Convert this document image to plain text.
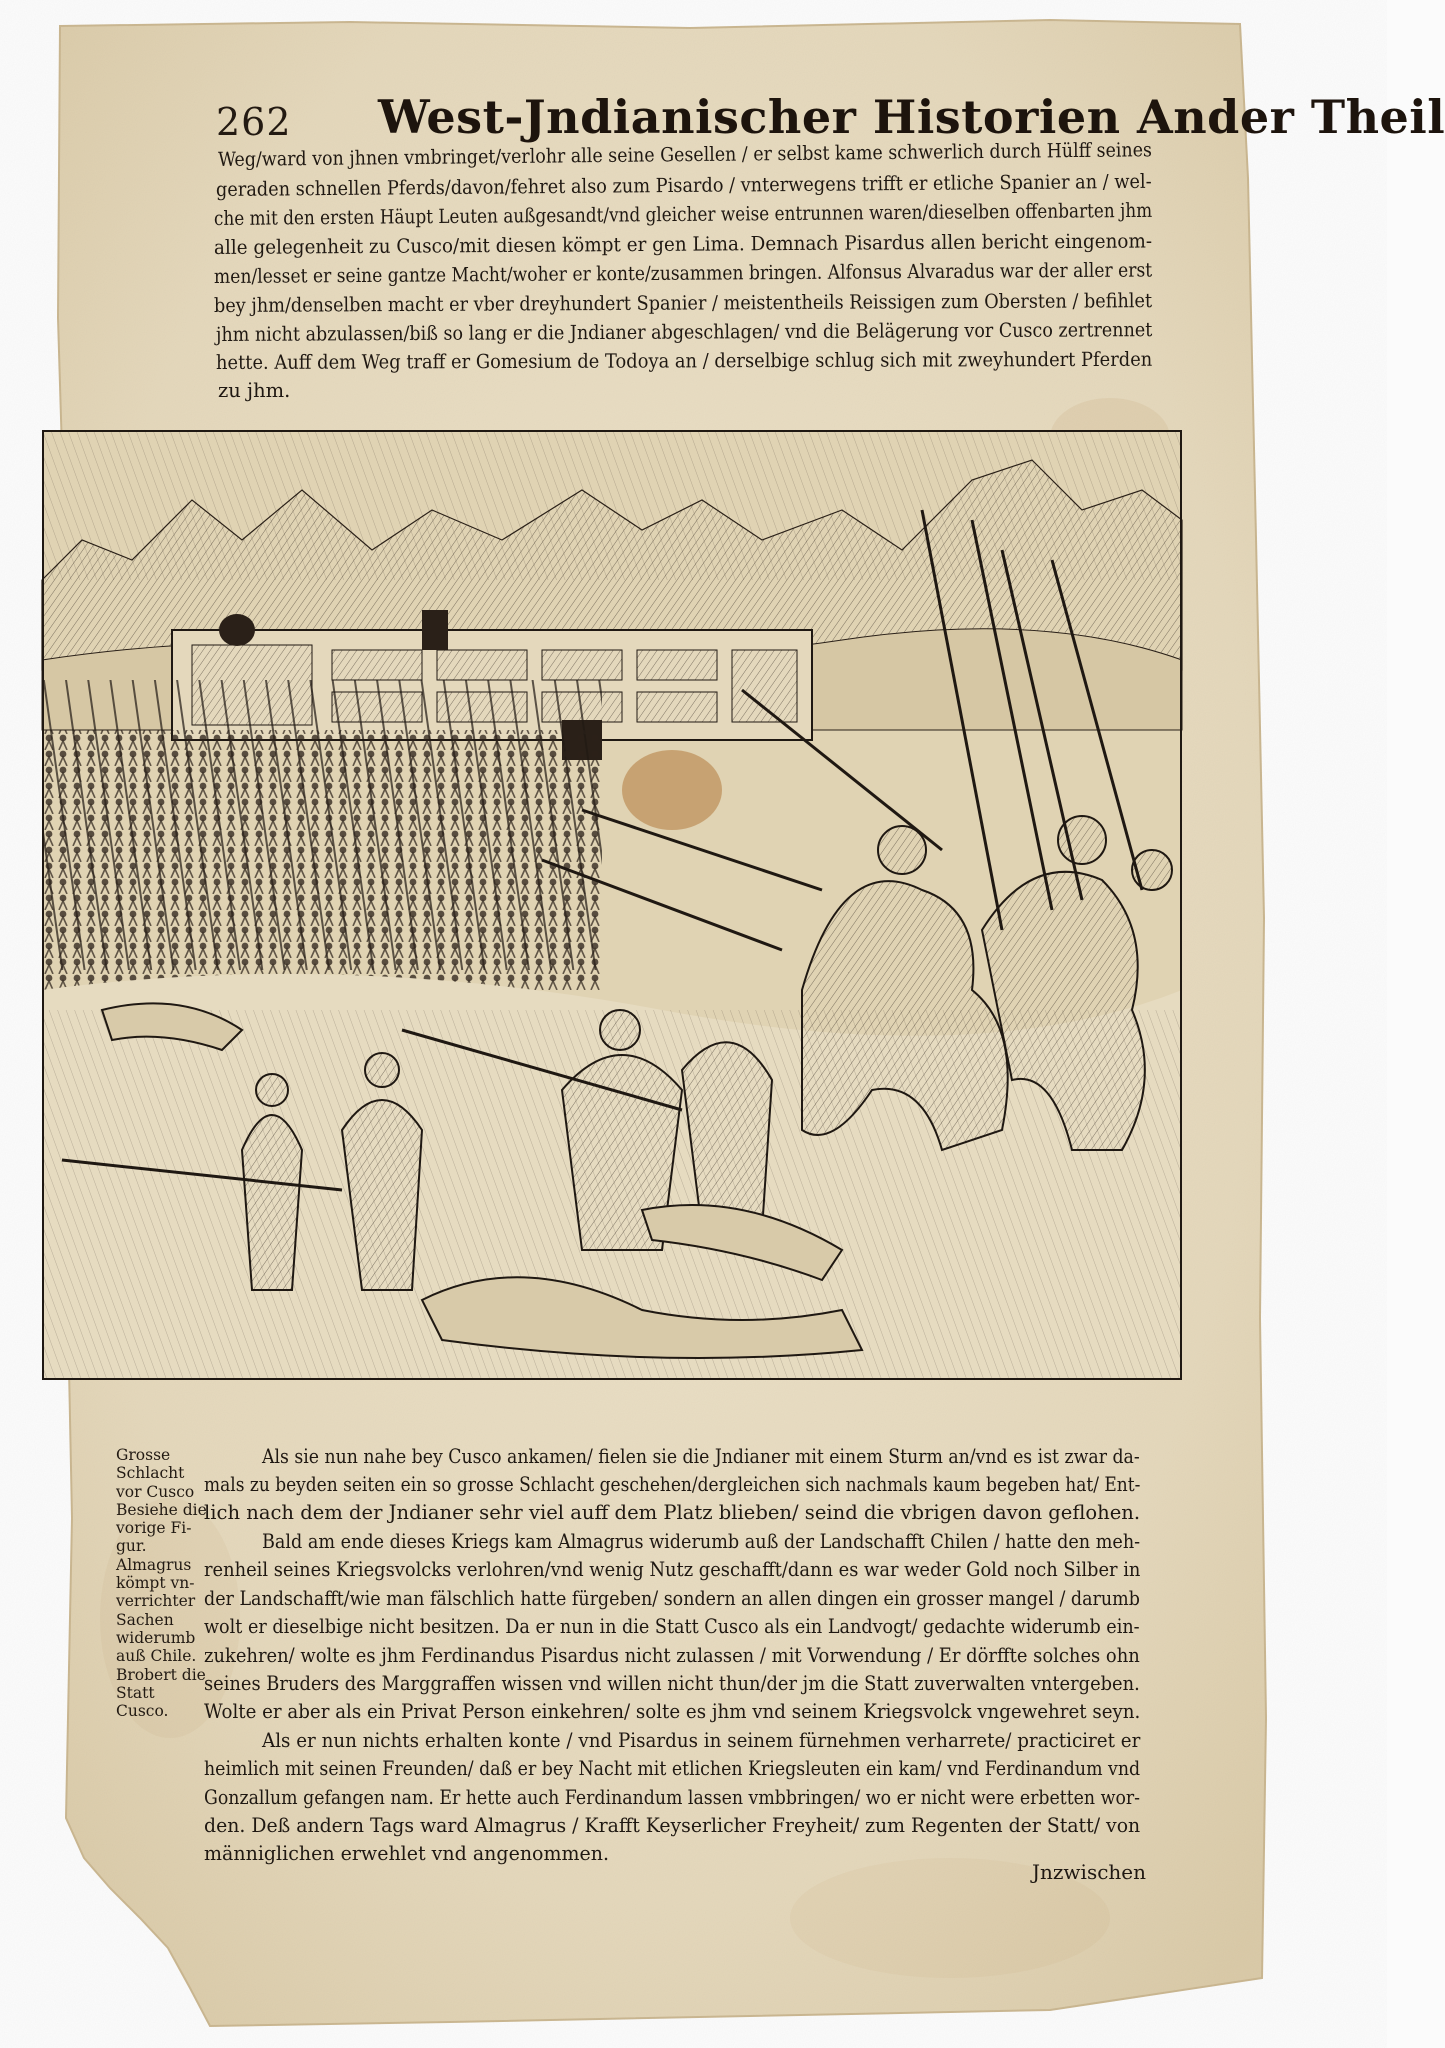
262 West-Jndianischer Historien Ander Theil
Weg/ward von jhnen vmbringet/verlohr alle seine Gesellen / er selbst kame schwerlich durch Hülff seines
geraden schnellen Pferds/davon/fehret also zum Pisardo / vnterwegens trifft er etliche Spanier an / wel-
che mit den ersten Häupt Leuten außgesandt/vnd gleicher weise entrunnen waren/dieselben offenbarten jhm
alle gelegenheit zu Cusco/mit diesen kömpt er gen Lima. Demnach Pisardus allen bericht eingenom-
men/lesset er seine gantze Macht/woher er konte/zusammen bringen. Alfonsus Alvaradus war der aller erst
bey jhm/denselben macht er vber dreyhundert Spanier / meistentheils Reissigen zum Obersten / befihlet
jhm nicht abzulassen/biß so lang er die Jndianer abgeschlagen/ vnd die Belägerung vor Cusco zertrennet
hette. Auff dem Weg traff er Gomesium de Todoya an / derselbige schlug sich mit zweyhundert Pferden
zu jhm.
Grosse
Schlacht
vor Cusco
Besiehe die
vorige Fi-
gur.
Almagrus
kömpt vn-
verrichter
Sachen
widerumb
auß Chile.
Brobert die
Statt
Cusco.
Als sie nun nahe bey Cusco ankamen/ fielen sie die Jndianer mit einem Sturm an/vnd es ist zwar da-
mals zu beyden seiten ein so grosse Schlacht geschehen/dergleichen sich nachmals kaum begeben hat/ Ent-
lich nach dem der Jndianer sehr viel auff dem Platz blieben/ seind die vbrigen davon geflohen.
Bald am ende dieses Kriegs kam Almagrus widerumb auß der Landschafft Chilen / hatte den meh-
renheil seines Kriegsvolcks verlohren/vnd wenig Nutz geschafft/dann es war weder Gold noch Silber in
der Landschafft/wie man fälschlich hatte fürgeben/ sondern an allen dingen ein grosser mangel / darumb
wolt er dieselbige nicht besitzen. Da er nun in die Statt Cusco als ein Landvogt/ gedachte widerumb ein-
zukehren/ wolte es jhm Ferdinandus Pisardus nicht zulassen / mit Vorwendung / Er dörffte solches ohn
seines Bruders des Marggraffen wissen vnd willen nicht thun/der jm die Statt zuverwalten vntergeben.
Wolte er aber als ein Privat Person einkehren/ solte es jhm vnd seinem Kriegsvolck vngewehret seyn.
Als er nun nichts erhalten konte / vnd Pisardus in seinem fürnehmen verharrete/ practiciret er
heimlich mit seinen Freunden/ daß er bey Nacht mit etlichen Kriegsleuten ein kam/ vnd Ferdinandum vnd
Gonzallum gefangen nam. Er hette auch Ferdinandum lassen vmbbringen/ wo er nicht were erbetten wor-
den. Deß andern Tags ward Almagrus / Krafft Keyserlicher Freyheit/ zum Regenten der Statt/ von
männiglichen erwehlet vnd angenommen.
Jnzwischen
